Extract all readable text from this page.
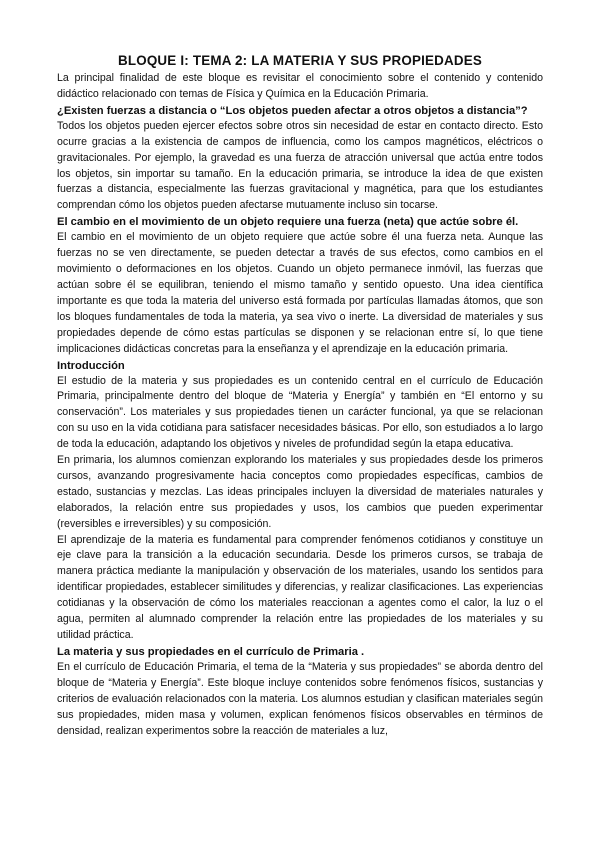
BLOQUE I: TEMA 2: LA MATERIA Y SUS PROPIEDADES

La principal finalidad de este bloque es revisitar el conocimiento sobre el contenido y contenido didáctico relacionado con temas de Física y Química en la Educación Primaria.

¿Existen fuerzas a distancia o “Los objetos pueden afectar a otros objetos a distancia”?

Todos los objetos pueden ejercer efectos sobre otros sin necesidad de estar en contacto directo. Esto ocurre gracias a la existencia de campos de influencia, como los campos magnéticos, eléctricos o gravitacionales. Por ejemplo, la gravedad es una fuerza de atracción universal que actúa entre todos los objetos, sin importar su tamaño. En la educación primaria, se introduce la idea de que existen fuerzas a distancia, especialmente las fuerzas gravitacional y magnética, para que los estudiantes comprendan cómo los objetos pueden afectarse mutuamente incluso sin tocarse.

El cambio en el movimiento de un objeto requiere una fuerza (neta) que actúe sobre él.

El cambio en el movimiento de un objeto requiere que actúe sobre él una fuerza neta. Aunque las fuerzas no se ven directamente, se pueden detectar a través de sus efectos, como cambios en el movimiento o deformaciones en los objetos. Cuando un objeto permanece inmóvil, las fuerzas que actúan sobre él se equilibran, teniendo el mismo tamaño y sentido opuesto. Una idea científica importante es que toda la materia del universo está formada por partículas llamadas átomos, que son los bloques fundamentales de toda la materia, ya sea vivo o inerte. La diversidad de materiales y sus propiedades depende de cómo estas partículas se disponen y se relacionan entre sí, lo que tiene implicaciones didácticas concretas para la enseñanza y el aprendizaje en la educación primaria.

Introducción

El estudio de la materia y sus propiedades es un contenido central en el currículo de Educación Primaria, principalmente dentro del bloque de “Materia y Energía” y también en “El entorno y su conservación”. Los materiales y sus propiedades tienen un carácter funcional, ya que se relacionan con su uso en la vida cotidiana para satisfacer necesidades básicas. Por ello, son estudiados a lo largo de toda la educación, adaptando los objetivos y niveles de profundidad según la etapa educativa.

En primaria, los alumnos comienzan explorando los materiales y sus propiedades desde los primeros cursos, avanzando progresivamente hacia conceptos como propiedades específicas, cambios de estado, sustancias y mezclas. Las ideas principales incluyen la diversidad de materiales naturales y elaborados, la relación entre sus propiedades y usos, los cambios que pueden experimentar (reversibles e irreversibles) y su composición.

El aprendizaje de la materia es fundamental para comprender fenómenos cotidianos y constituye un eje clave para la transición a la educación secundaria. Desde los primeros cursos, se trabaja de manera práctica mediante la manipulación y observación de los materiales, usando los sentidos para identificar propiedades, establecer similitudes y diferencias, y realizar clasificaciones. Las experiencias cotidianas y la observación de cómo los materiales reaccionan a agentes como el calor, la luz o el agua, permiten al alumnado comprender la relación entre las propiedades de los materiales y su utilidad práctica.

La materia y sus propiedades en el currículo de Primaria .

En el currículo de Educación Primaria, el tema de la “Materia y sus propiedades” se aborda dentro del bloque de “Materia y Energía”. Este bloque incluye contenidos sobre fenómenos físicos, sustancias y criterios de evaluación relacionados con la materia. Los alumnos estudian y clasifican materiales según sus propiedades, miden masa y volumen, explican fenómenos físicos observables en términos de densidad, realizan experimentos sobre la reacción de materiales a luz,
